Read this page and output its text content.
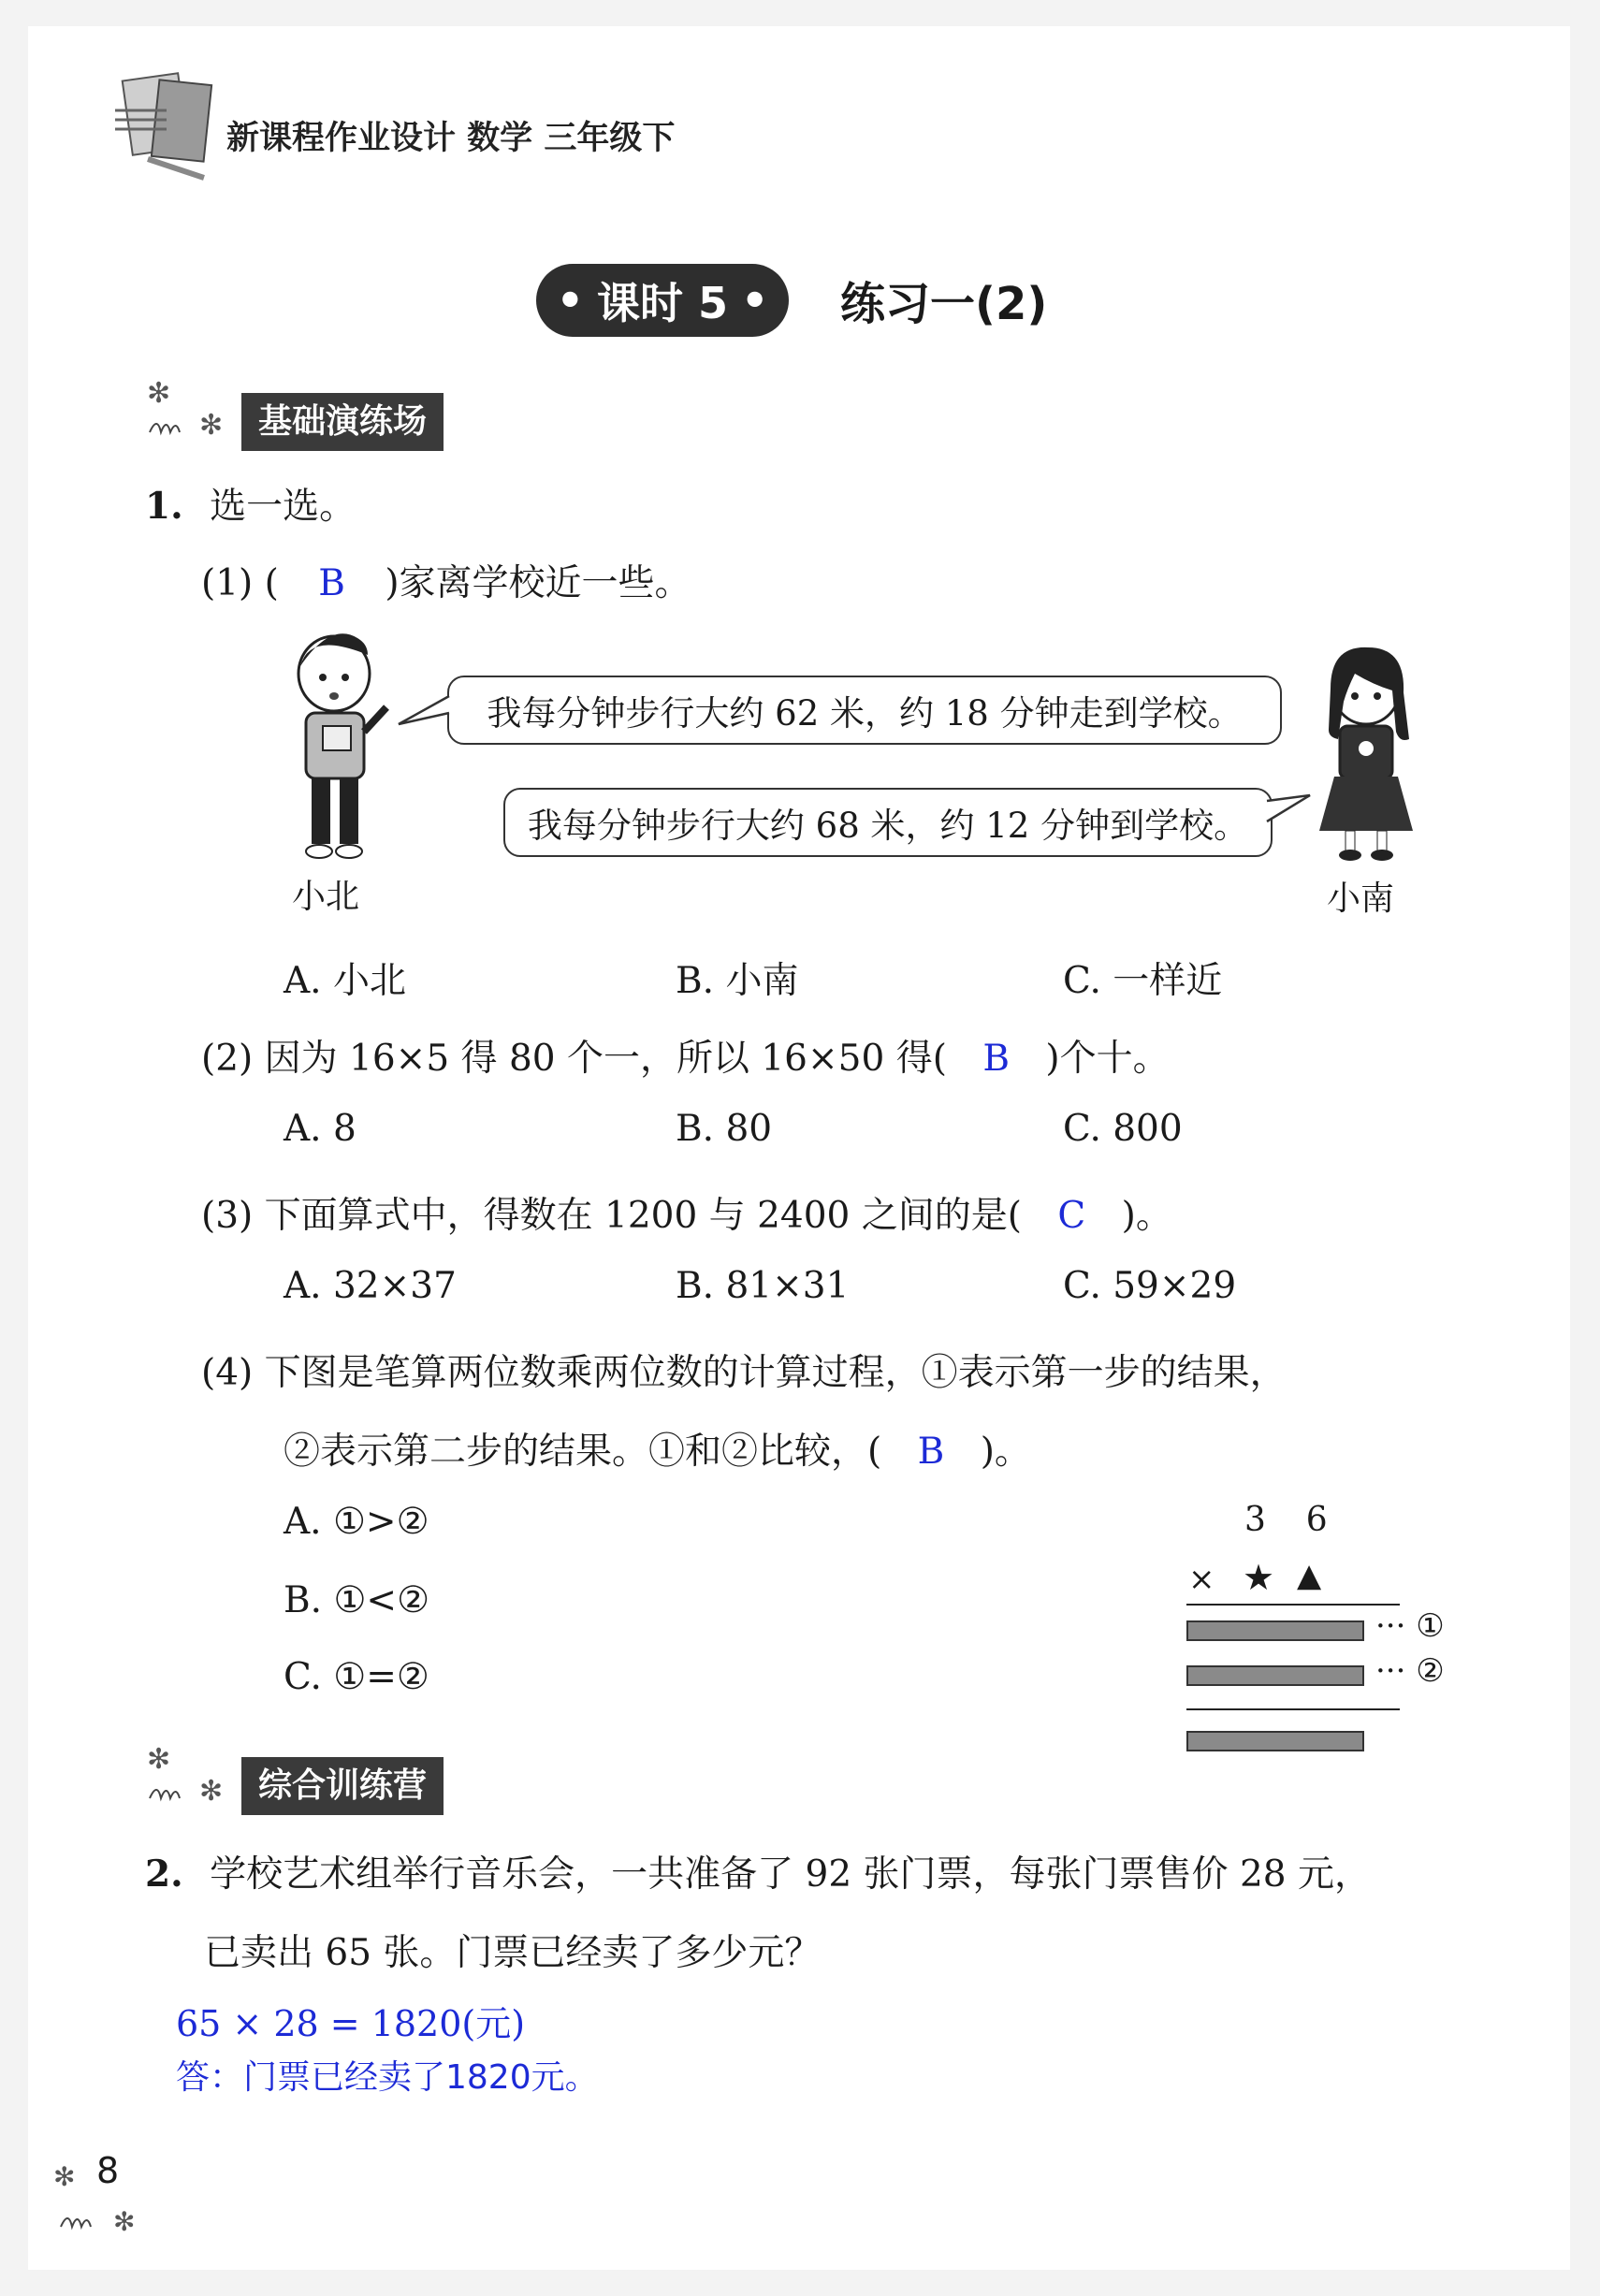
新课程作业设计 数学 三年级下
• 课时 5 • 练习一(2)
✻
✻	基础演练场
1. 选一选。
(1) ( B )家离学校近一些。
小北	小南
我每分钟步行大约 62 米，约 18 分钟走到学校。
我每分钟步行大约 68 米，约 12 分钟到学校。
A. 小北	B. 小南	C. 一样近
(2) 因为 16×5 得 80 个一，所以 16×50 得( B )个十。
A. 8	B. 80	C. 800
(3) 下面算式中，得数在 1200 与 2400 之间的是( C )。
A. 32×37	B. 81×31	C. 59×29
(4) 下图是笔算两位数乘两位数的计算过程，①表示第一步的结果，
②表示第二步的结果。①和②比较，( B )。
A. ①>②
B. ①<②
C. ①=②
3  6
× ★ ▲
··· ①
··· ②
✻
✻	综合训练营
2. 学校艺术组举行音乐会，一共准备了 92 张门票，每张门票售价 28 元，
已卖出 65 张。门票已经卖了多少元？
65 × 28 = 1820(元)
答：门票已经卖了1820元。
✻
✻
8
